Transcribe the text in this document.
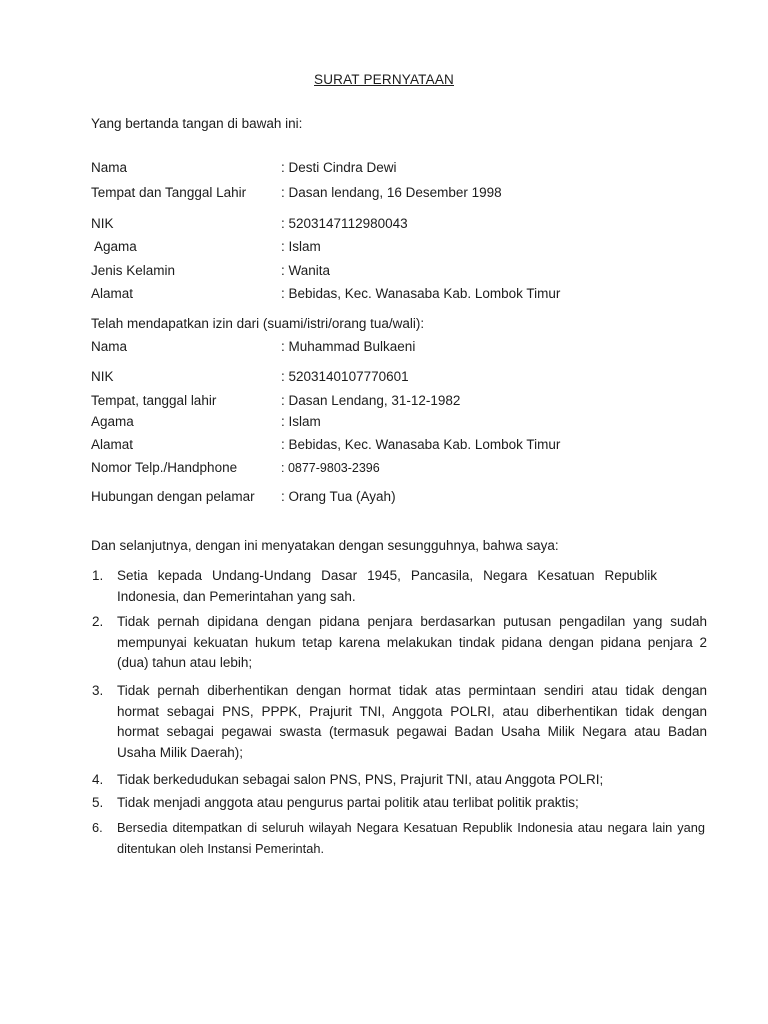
SURAT PERNYATAAN
Yang bertanda tangan di bawah ini:
Nama	: Desti Cindra Dewi
Tempat dan Tanggal Lahir	: Dasan lendang, 16 Desember 1998
NIK	: 5203147112980043
Agama	: Islam
Jenis Kelamin	: Wanita
Alamat	: Bebidas, Kec. Wanasaba Kab. Lombok Timur
Telah mendapatkan izin dari (suami/istri/orang tua/wali):
Nama	: Muhammad Bulkaeni
NIK	: 5203140107770601
Tempat, tanggal lahir	: Dasan Lendang, 31-12-1982
Agama	: Islam
Alamat	: Bebidas, Kec. Wanasaba Kab. Lombok Timur
Nomor Telp./Handphone	: 0877-9803-2396
Hubungan dengan pelamar : Orang Tua (Ayah)
Dan selanjutnya, dengan ini menyatakan dengan sesungguhnya, bahwa saya:
1. Setia kepada Undang-Undang Dasar 1945, Pancasila, Negara Kesatuan Republik Indonesia, dan Pemerintahan yang sah.
2. Tidak pernah dipidana dengan pidana penjara berdasarkan putusan pengadilan yang sudah mempunyai kekuatan hukum tetap karena melakukan tindak pidana dengan pidana penjara 2 (dua) tahun atau lebih;
3. Tidak pernah diberhentikan dengan hormat tidak atas permintaan sendiri atau tidak dengan hormat sebagai PNS, PPPK, Prajurit TNI, Anggota POLRI, atau diberhentikan tidak dengan hormat sebagai pegawai swasta (termasuk pegawai Badan Usaha Milik Negara atau Badan Usaha Milik Daerah);
4. Tidak berkedudukan sebagai salon PNS, PNS, Prajurit TNI, atau Anggota POLRI;
5. Tidak menjadi anggota atau pengurus partai politik atau terlibat politik praktis;
6. Bersedia ditempatkan di seluruh wilayah Negara Kesatuan Republik Indonesia atau negara lain yang ditentukan oleh Instansi Pemerintah.
